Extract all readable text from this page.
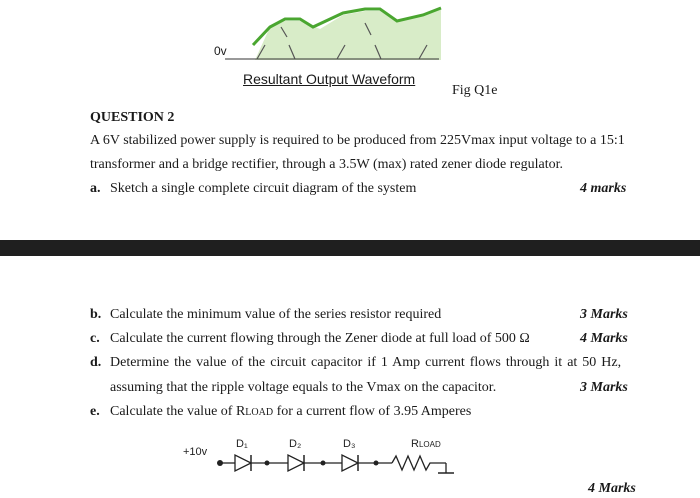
0v
Resultant Output Waveform
Fig Q1e
QUESTION 2
A 6V stabilized power supply is required to be produced from 225Vmax input voltage to a 15:1
transformer and a bridge rectifier, through a 3.5W (max) rated zener diode regulator.
a. Sketch a single complete circuit diagram of the system	4 marks
b. Calculate the minimum value of the series resistor required	3 Marks
c. Calculate the current flowing through the Zener diode at full load of 500 Ω	4 Marks
d. Determine the value of the circuit capacitor if 1 Amp current flows through it at 50 Hz,
assuming that the ripple voltage equals to the Vmax on the capacitor.	3 Marks
e. Calculate the value of RLOAD for a current flow of 3.95 Amperes
+10v
D₁	D₂	D₃	RLOAD
4 Marks
